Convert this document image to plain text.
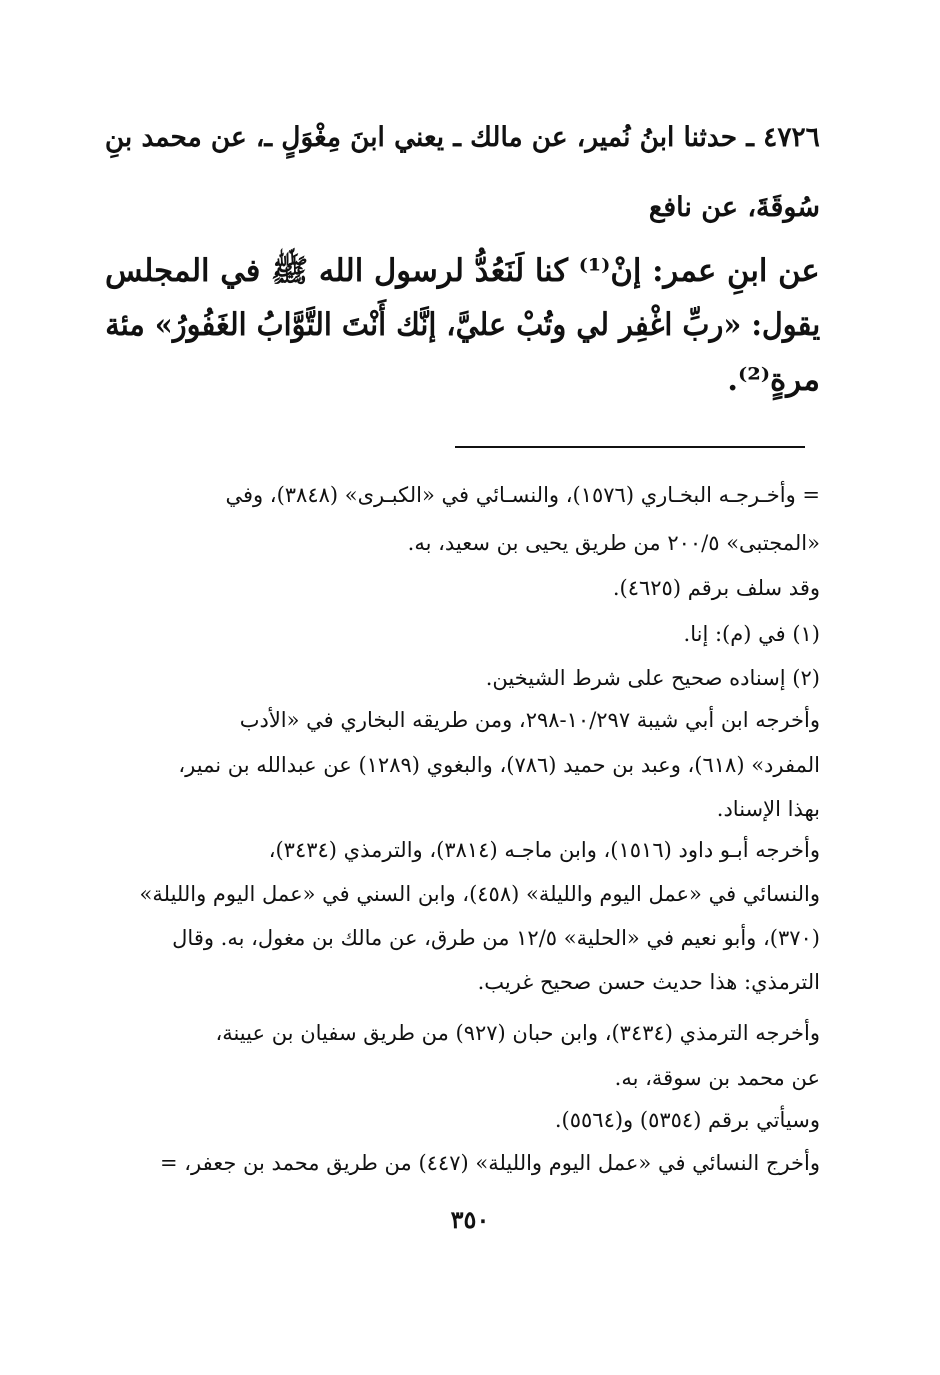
٤٧٢٦ ـ حدثنا ابنُ نُمير، عن مالك ـ يعني ابنَ مِغْوَلٍ ـ، عن محمد بنِ
سُوقَةَ، عن نافع
عن ابنِ عمر: إنْ⁽¹⁾ كنا لَنَعُدُّ لرسول الله ﷺ في المجلس
يقول: «ربِّ اغْفِر لي وتُبْ عليَّ، إنَّك أَنْتَ التَّوَّابُ الغَفُورُ» مئة
مرةٍ⁽²⁾.
= وأخـرجـه البخـاري (١٥٧٦)، والنسـائي في «الكبـرى» (٣٨٤٨)، وفي
«المجتبى» ٢٠٠/٥ من طريق يحيى بن سعيد، به.
وقد سلف برقم (٤٦٢٥).
(١) في (م): إنا.
(٢) إسناده صحيح على شرط الشيخين.
وأخرجه ابن أبي شيبة ١٠/٢٩٧-٢٩٨، ومن طريقه البخاري في «الأدب
المفرد» (٦١٨)، وعبد بن حميد (٧٨٦)، والبغوي (١٢٨٩) عن عبدالله بن نمير،
بهذا الإسناد.
وأخرجه أبـو داود (١٥١٦)، وابن ماجـه (٣٨١٤)، والترمذي (٣٤٣٤)،
والنسائي في «عمل اليوم والليلة» (٤٥٨)، وابن السني في «عمل اليوم والليلة»
(٣٧٠)، وأبو نعيم في «الحلية» ١٢/٥ من طرق، عن مالك بن مغول، به. وقال
الترمذي: هذا حديث حسن صحيح غريب.
وأخرجه الترمذي (٣٤٣٤)، وابن حبان (٩٢٧) من طريق سفيان بن عيينة،
عن محمد بن سوقة، به.
وسيأتي برقم (٥٣٥٤) و(٥٥٦٤).
وأخرج النسائي في «عمل اليوم والليلة» (٤٤٧) من طريق محمد بن جعفر، =
٣٥٠
